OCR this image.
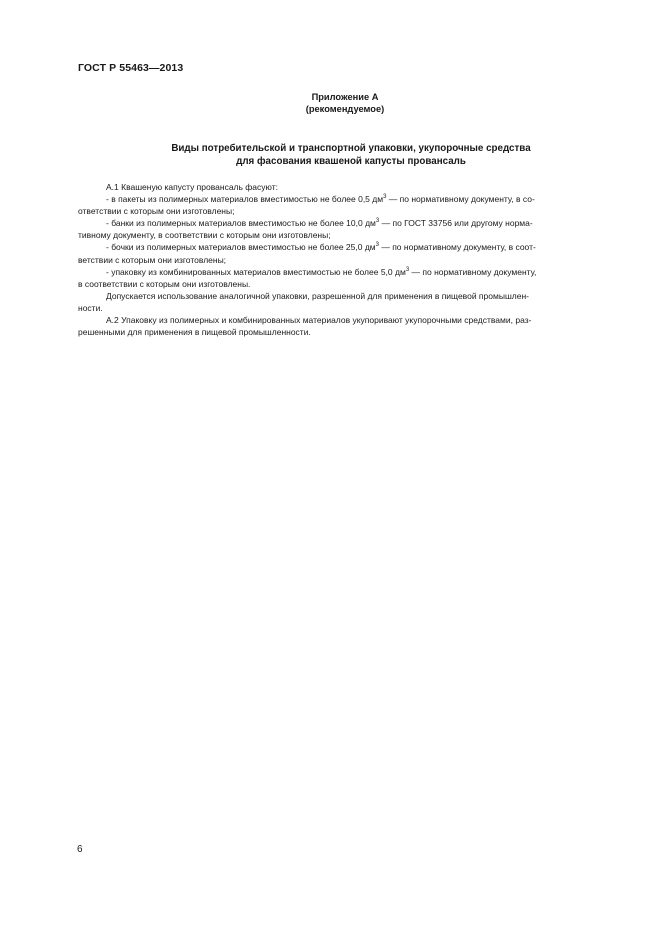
ГОСТ Р 55463—2013
Приложение А
(рекомендуемое)
Виды потребительской и транспортной упаковки, укупорочные средства
для фасования квашеной капусты провансаль

А.1 Квашеную капусту провансаль фасуют:

- в пакеты из полимерных материалов вместимостью не более 0,5 $дм^3$ — по нормативному документу, в со-

ответствии с которым они изготовлены;

- банки из полимерных материалов вместимостью не более 10,0 $дм^3$ — по ГОСТ 33756 или другому норма-

тивному документу, в соответствии с которым они изготовлены;

- бочки из полимерных материалов вместимостью не более 25,0 $дм^3$ — по нормативному документу, в соот-

ветствии с которым они изготовлены;

- упаковку из комбинированных материалов вместимостью не более 5,0 $дм^3$ — по нормативному документу,

в соответствии с которым они изготовлены.

Допускается использование аналогичной упаковки, разрешенной для применения в пищевой промышлен-

ности.

А.2 Упаковку из полимерных и комбинированных материалов укупоривают укупорочными средствами, раз-

решенными для применения в пищевой промышленности.

6
